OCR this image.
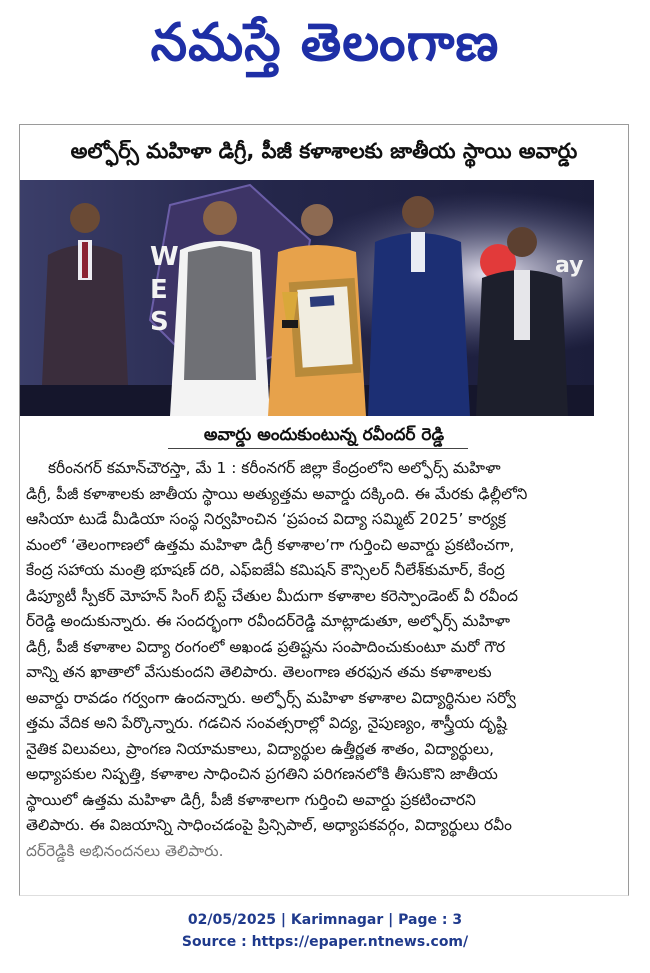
నమస్తే తెలంగాణ
అల్ఫోర్స్ మహిళా డిగ్రీ, పీజీ కళాశాలకు జాతీయ స్థాయి అవార్డు
W
E
S
ay
అవార్డు అందుకుంటున్న రవీందర్ రెడ్డి
కరీంనగర్ కమాన్‌చౌరస్తా, మే 1 : కరీంనగర్ జిల్లా కేంద్రంలోని అల్ఫోర్స్ మహిళా
డిగ్రీ, పీజీ కళాశాలకు జాతీయ స్థాయి అత్యుత్తమ అవార్డు దక్కింది. ఈ మేరకు ఢిల్లీలోని
ఆసియా టుడే మీడియా సంస్థ నిర్వహించిన ‘ప్రపంచ విద్యా సమ్మిట్ 2025’ కార్యక్ర
మంలో ‘తెలంగాణలో ఉత్తమ మహిళా డిగ్రీ కళాశాల’గా గుర్తించి అవార్డు ప్రకటించగా,
కేంద్ర సహాయ మంత్రి భూషణ్ దరి, ఎఫ్ఐజేఏ కమిషన్ కౌన్సిలర్ నీలేశ్‌కుమార్, కేంద్ర
డిప్యూటీ స్పీకర్ మోహన్ సింగ్ బిస్ట్ చేతుల మీదుగా కళాశాల కరెస్పాండెంట్ వీ రవీంద
ర్‌రెడ్డి అందుకున్నారు. ఈ సందర్భంగా రవీందర్‌రెడ్డి మాట్లాడుతూ, అల్ఫోర్స్ మహిళా
డిగ్రీ, పీజీ కళాశాల విద్యా రంగంలో అఖండ ప్రతిష్టను సంపాదించుకుంటూ మరో గౌర
వాన్ని తన ఖాతాలో వేసుకుందని తెలిపారు. తెలంగాణ తరఫున తమ కళాశాలకు
అవార్డు రావడం గర్వంగా ఉందన్నారు. అల్ఫోర్స్ మహిళా కళాశాల విద్యార్థినుల సర్వో
త్తమ వేదిక అని పేర్కొన్నారు. గడచిన సంవత్సరాల్లో విద్య, నైపుణ్యం, శాస్త్రీయ దృష్టి
నైతిక విలువలు, ప్రాంగణ నియామకాలు, విద్యార్థుల ఉత్తీర్ణత శాతం, విద్యార్థులు,
అధ్యాపకుల నిష్పత్తి, కళాశాల సాధించిన ప్రగతిని పరిగణనలోకి తీసుకొని జాతీయ
స్థాయిలో ఉత్తమ మహిళా డిగ్రీ, పీజీ కళాశాలగా గుర్తించి అవార్డు ప్రకటించారని
తెలిపారు. ఈ విజయాన్ని సాధించడంపై ప్రిన్సిపాల్, అధ్యాపకవర్గం, విద్యార్థులు రవీం
దర్‌రెడ్డికి అభినందనలు తెలిపారు.
02/05/2025 | Karimnagar | Page : 3
Source : https://epaper.ntnews.com/
